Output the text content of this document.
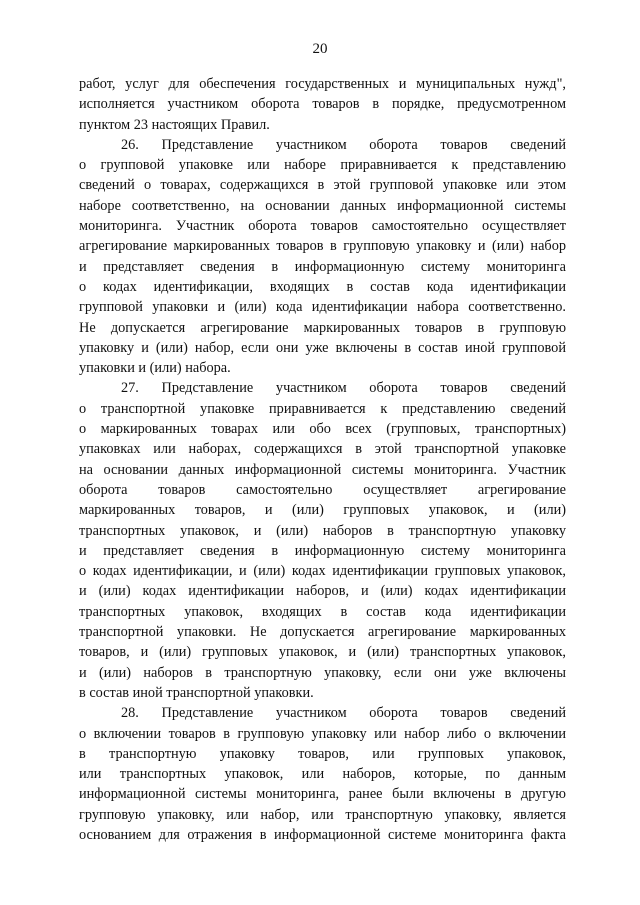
20
работ, услуг для обеспечения государственных и муниципальных нужд",
исполняется участником оборота товаров в порядке, предусмотренном
пунктом 23 настоящих Правил.
26. Представление участником оборота товаров сведений
о групповой упаковке или наборе приравнивается к представлению
сведений о товарах, содержащихся в этой групповой упаковке или этом
наборе соответственно, на основании данных информационной системы
мониторинга. Участник оборота товаров самостоятельно осуществляет
агрегирование маркированных товаров в групповую упаковку и (или) набор
и представляет сведения в информационную систему мониторинга
о кодах идентификации, входящих в состав кода идентификации
групповой упаковки и (или) кода идентификации набора соответственно.
Не допускается агрегирование маркированных товаров в групповую
упаковку и (или) набор, если они уже включены в состав иной групповой
упаковки и (или) набора.
27. Представление участником оборота товаров сведений
о транспортной упаковке приравнивается к представлению сведений
о маркированных товарах или обо всех (групповых, транспортных)
упаковках или наборах, содержащихся в этой транспортной упаковке
на основании данных информационной системы мониторинга. Участник
оборота товаров самостоятельно осуществляет агрегирование
маркированных товаров, и (или) групповых упаковок, и (или)
транспортных упаковок, и (или) наборов в транспортную упаковку
и представляет сведения в информационную систему мониторинга
о кодах идентификации, и (или) кодах идентификации групповых упаковок,
и (или) кодах идентификации наборов, и (или) кодах идентификации
транспортных упаковок, входящих в состав кода идентификации
транспортной упаковки. Не допускается агрегирование маркированных
товаров, и (или) групповых упаковок, и (или) транспортных упаковок,
и (или) наборов в транспортную упаковку, если они уже включены
в состав иной транспортной упаковки.
28. Представление участником оборота товаров сведений
о включении товаров в групповую упаковку или набор либо о включении
в транспортную упаковку товаров, или групповых упаковок,
или транспортных упаковок, или наборов, которые, по данным
информационной системы мониторинга, ранее были включены в другую
групповую упаковку, или набор, или транспортную упаковку, является
основанием для отражения в информационной системе мониторинга факта
